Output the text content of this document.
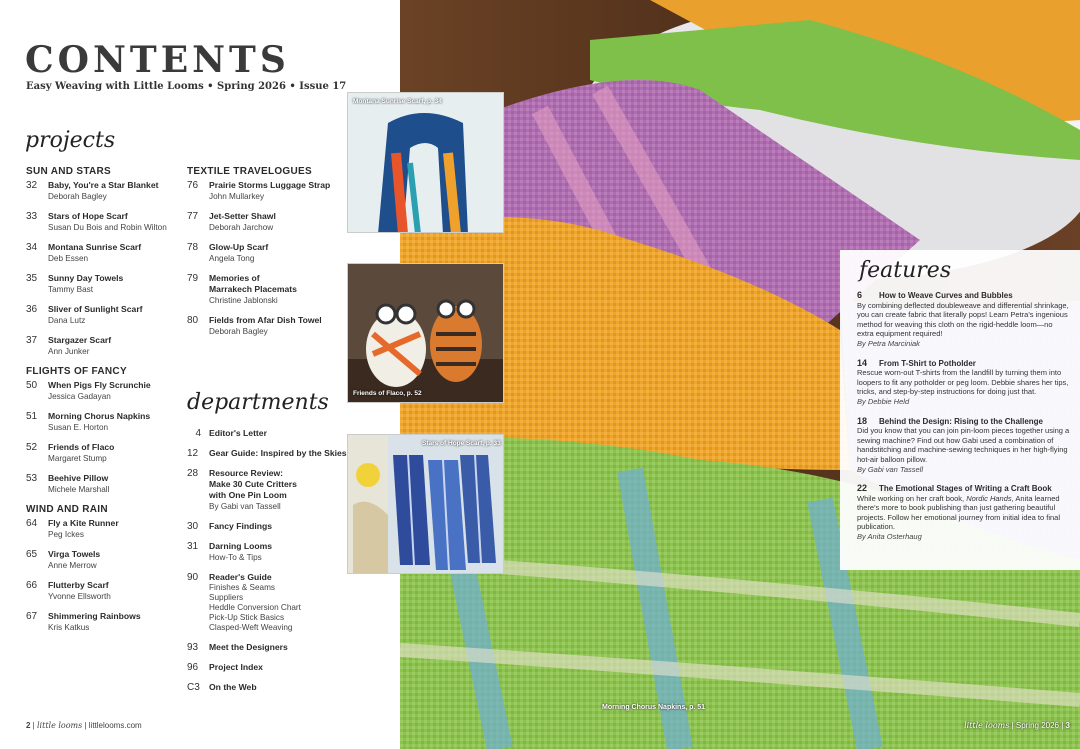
CONTENTS
Easy Weaving with Little Looms • Spring 2026 • Issue 17
projects
SUN AND STARS
32	Baby, You're a Star Blanket
Deborah Bagley
33	Stars of Hope Scarf
Susan Du Bois and Robin Wilton
34	Montana Sunrise Scarf
Deb Essen
35	Sunny Day Towels
Tammy Bast
36	Sliver of Sunlight Scarf
Dana Lutz
37	Stargazer Scarf
Ann Junker
FLIGHTS OF FANCY
50	When Pigs Fly Scrunchie
Jessica Gadayan
51	Morning Chorus Napkins
Susan E. Horton
52	Friends of Flaco
Margaret Stump
53	Beehive Pillow
Michele Marshall
WIND AND RAIN
64	Fly a Kite Runner
Peg Ickes
65	Virga Towels
Anne Merrow
66	Flutterby Scarf
Yvonne Ellsworth
67	Shimmering Rainbows
Kris Katkus
TEXTILE TRAVELOGUES
76	Prairie Storms Luggage Strap
John Mullarkey
77	Jet-Setter Shawl
Deborah Jarchow
78	Glow-Up Scarf
Angela Tong
79	Memories of
Marrakech Placemats
Christine Jablonski
80	Fields from Afar Dish Towel
Deborah Bagley
departments
4 Editor's Letter
12	Gear Guide: Inspired by the Skies
28	Resource Review:
Make 30 Cute Critters
with One Pin Loom
By Gabi van Tassell
30	Fancy Findings
31	Darning Looms
How-To & Tips
90	Reader's Guide
Finishes & Seams
Suppliers
Heddle Conversion Chart
Pick-Up Stick Basics
Clasped-Weft Weaving
93	Meet the Designers
96	Project Index
C3	On the Web
2 | little looms | littlelooms.com
Morning Chorus Napkins, p. 51
little looms | Spring 2026 | 3
Montana Sunrise Scarf, p. 34
Friends of Flaco, p. 52
Stars of Hope Scarf, p. 33
features
6	How to Weave Curves and Bubbles
By combining deflected doubleweave and differential shrinkage, you can create fabric that literally pops! Learn Petra's ingenious method for weaving this cloth on the rigid-heddle loom—no extra equipment required!
By Petra Marciniak
14	From T-Shirt to Potholder
Rescue worn-out T-shirts from the landfill by turning them into loopers to fit any potholder or peg loom. Debbie shares her tips, tricks, and step-by-step instructions for doing just that.
By Debbie Held
18	Behind the Design: Rising to the Challenge
Did you know that you can join pin-loom pieces together using a sewing machine? Find out how Gabi used a combination of handstitching and machine-sewing techniques in her high-flying hot-air balloon pillow.
By Gabi van Tassell
22	The Emotional Stages of Writing a Craft Book
While working on her craft book, Nordic Hands, Anita learned there's more to book publishing than just gathering beautiful projects. Follow her emotional journey from initial idea to final publication.
By Anita Osterhaug
